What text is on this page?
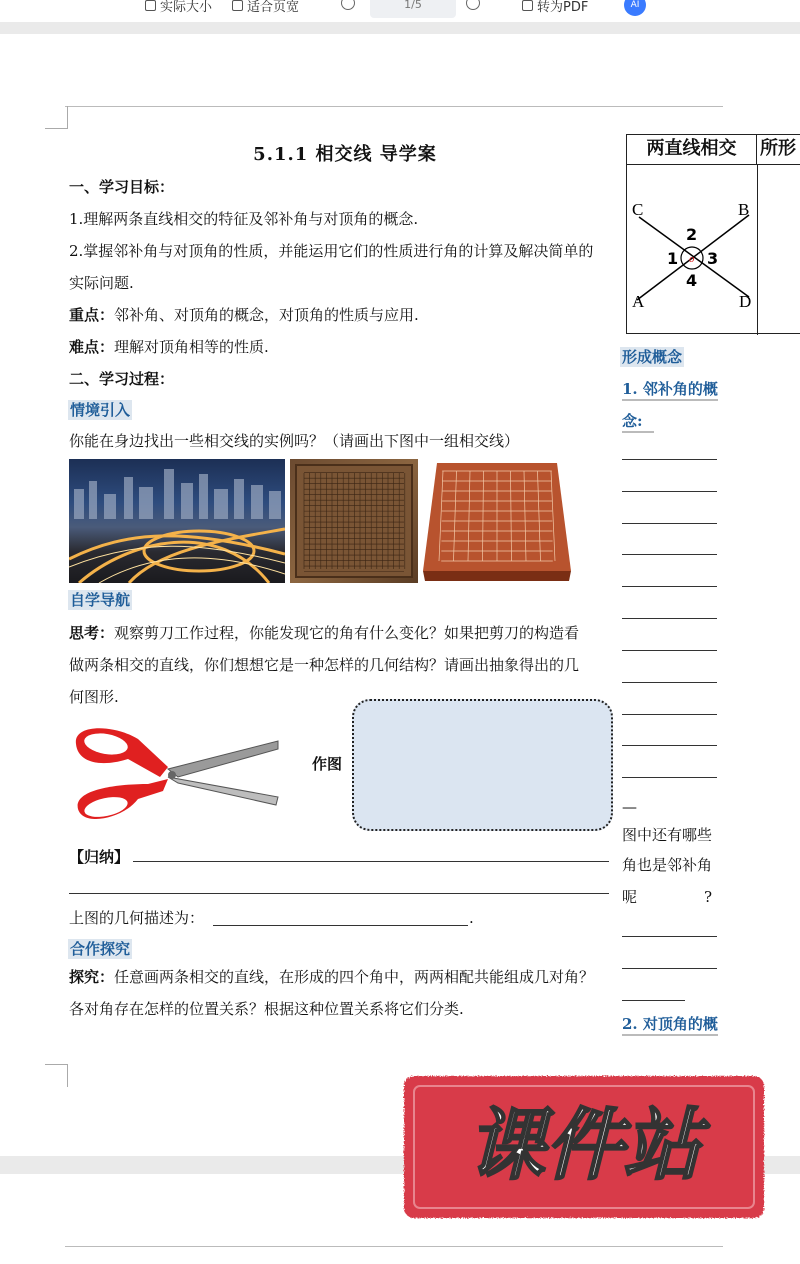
实际大小	适合页宽	1/5	转为PDF	AI
5.1.1 相交线 导学案
一、学习目标：
1.理解两条直线相交的特征及邻补角与对顶角的概念.
2.掌握邻补角与对顶角的性质，并能运用它们的性质进行角的计算及解决简单的
实际问题.
重点：邻补角、对顶角的概念，对顶角的性质与应用.
难点：理解对顶角相等的性质.
二、学习过程：
情境引入
你能在身边找出一些相交线的实例吗？（请画出下图中一组相交线）
自学导航
思考：观察剪刀工作过程，你能发现它的角有什么变化？如果把剪刀的构造看
做两条相交的直线，你们想想它是一种怎样的几何结构？请画出抽象得出的几
何图形.
作图
【归纳】
上图的几何描述为：	.
合作探究
探究：任意画两条相交的直线，在形成的四个角中，两两相配共能组成几对角？
各对角存在怎样的位置关系？根据这种位置关系将它们分类.
两直线相交	所形
o
C	B
A	D
2
1 3
4
形成概念
1. 邻补角的概
念:
—
图中还有哪些
角也是邻补角
呢	?
2. 对顶角的概
课件站
